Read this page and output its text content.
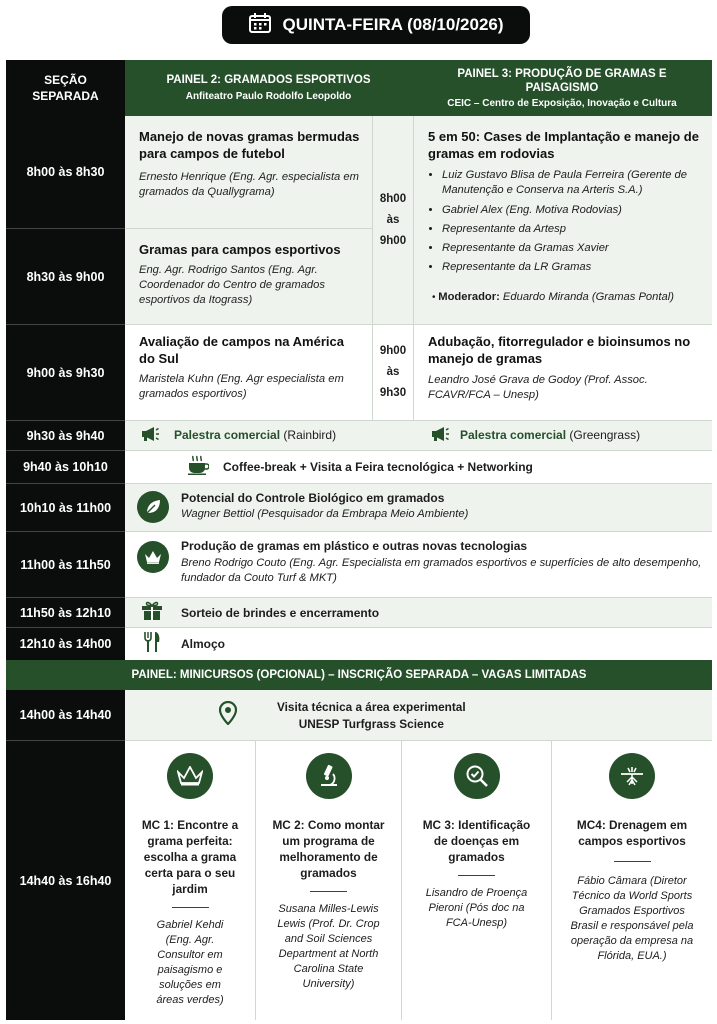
QUINTA-FEIRA (08/10/2026)
SEÇÃO SEPARADA
PAINEL 2: GRAMADOS ESPORTIVOS
Anfiteatro Paulo Rodolfo Leopoldo
PAINEL 3: PRODUÇÃO DE GRAMAS E PAISAGISMO
CEIC – Centro de Exposição, Inovação e Cultura
8h00 às 8h30
8h30 às 9h00
9h00 às 9h30
9h30 às 9h40
9h40 às 10h10
10h10 às 11h00
11h00 às 11h50
11h50 às 12h10
12h10 às 14h00
14h00 às 14h40
14h40 às 16h40
Manejo de novas gramas bermudas para campos de futebol
Ernesto Henrique (Eng. Agr. especialista em gramados da Quallygrama)
Gramas para campos esportivos
Eng. Agr. Rodrigo Santos (Eng. Agr. Coordenador do Centro de gramados esportivos da Itograss)
Avaliação de campos na América do Sul
Maristela Kuhn (Eng. Agr especialista em gramados esportivos)
8h00
às
9h00
9h00
às
9h30
5 em 50: Cases de Implantação e manejo de gramas em rodovias
• Luiz Gustavo Blisa de Paula Ferreira (Gerente de Manutenção e Conserva na Arteris S.A.)
• Gabriel Alex (Eng. Motiva Rodovias)
• Representante da Artesp
• Representante da Gramas Xavier
• Representante da LR Gramas
• Moderador: Eduardo Miranda (Gramas Pontal)
Adubação, fitorregulador e bioinsumos no manejo de gramas
Leandro José Grava de Godoy (Prof. Assoc. FCAVR/FCA – Unesp)
Palestra comercial (Rainbird)	Palestra comercial (Greengrass)
Coffee-break + Visita a Feira tecnológica + Networking
Potencial do Controle Biológico em gramados
Wagner Bettiol (Pesquisador da Embrapa Meio Ambiente)
Produção de gramas em plástico e outras novas tecnologias
Breno Rodrigo Couto (Eng. Agr. Especialista em gramados esportivos e superfícies de alto desempenho, fundador da Couto Turf & MKT)
Sorteio de brindes e encerramento
Almoço
PAINEL: MINICURSOS (OPCIONAL) – INSCRIÇÃO SEPARADA – VAGAS LIMITADAS
Visita técnica a área experimental
UNESP Turfgrass Science
MC 1: Encontre a grama perfeita: escolha a grama certa para o seu jardim
Gabriel Kehdi (Eng. Agr. Consultor em paisagismo e soluções em áreas verdes)
MC 2: Como montar um programa de melhoramento de gramados
Susana Milles-Lewis Lewis (Prof. Dr. Crop and Soil Sciences Department at North Carolina State University)
MC 3: Identificação de doenças em gramados
Lisandro de Proença Pieroni (Pós doc na FCA-Unesp)
MC4: Drenagem em campos esportivos
Fábio Câmara (Diretor Técnico da World Sports Gramados Esportivos Brasil e responsável pela operação da empresa na Flórida, EUA.)
